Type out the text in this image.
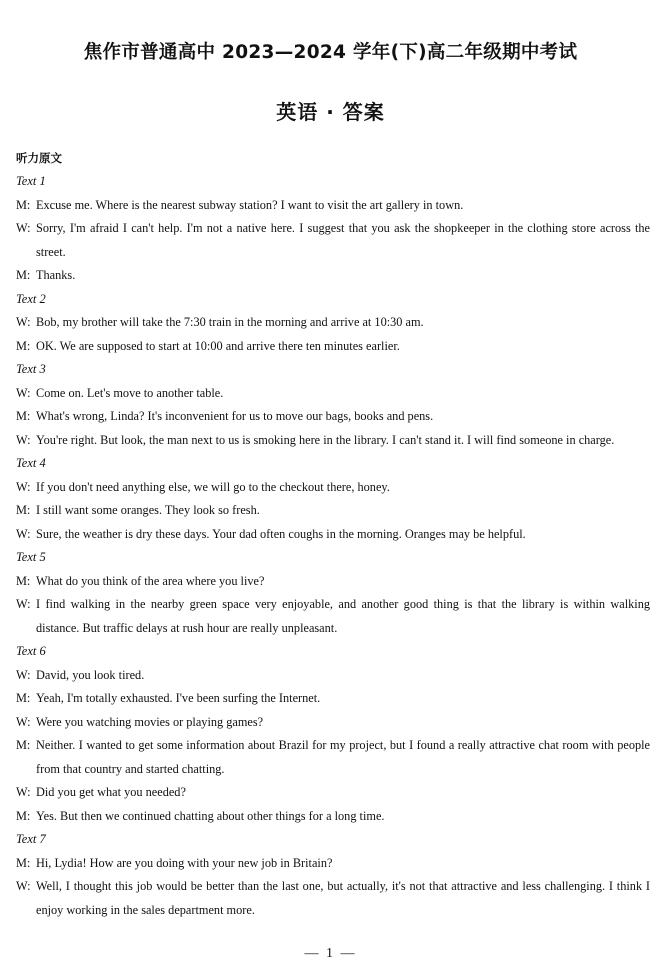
焦作市普通高中 2023—2024 学年(下)高二年级期中考试
英语 · 答案
听力原文
Text 1
M: Excuse me. Where is the nearest subway station? I want to visit the art gallery in town.
W: Sorry, I'm afraid I can't help. I'm not a native here. I suggest that you ask the shopkeeper in the clothing store across the street.
M: Thanks.
Text 2
W: Bob, my brother will take the 7:30 train in the morning and arrive at 10:30 am.
M: OK. We are supposed to start at 10:00 and arrive there ten minutes earlier.
Text 3
W: Come on. Let's move to another table.
M: What's wrong, Linda? It's inconvenient for us to move our bags, books and pens.
W: You're right. But look, the man next to us is smoking here in the library. I can't stand it. I will find someone in charge.
Text 4
W: If you don't need anything else, we will go to the checkout there, honey.
M: I still want some oranges. They look so fresh.
W: Sure, the weather is dry these days. Your dad often coughs in the morning. Oranges may be helpful.
Text 5
M: What do you think of the area where you live?
W: I find walking in the nearby green space very enjoyable, and another good thing is that the library is within walking distance. But traffic delays at rush hour are really unpleasant.
Text 6
W: David, you look tired.
M: Yeah, I'm totally exhausted. I've been surfing the Internet.
W: Were you watching movies or playing games?
M: Neither. I wanted to get some information about Brazil for my project, but I found a really attractive chat room with people from that country and started chatting.
W: Did you get what you needed?
M: Yes. But then we continued chatting about other things for a long time.
Text 7
M: Hi, Lydia! How are you doing with your new job in Britain?
W: Well, I thought this job would be better than the last one, but actually, it's not that attractive and less challenging. I think I enjoy working in the sales department more.
— 1 —
